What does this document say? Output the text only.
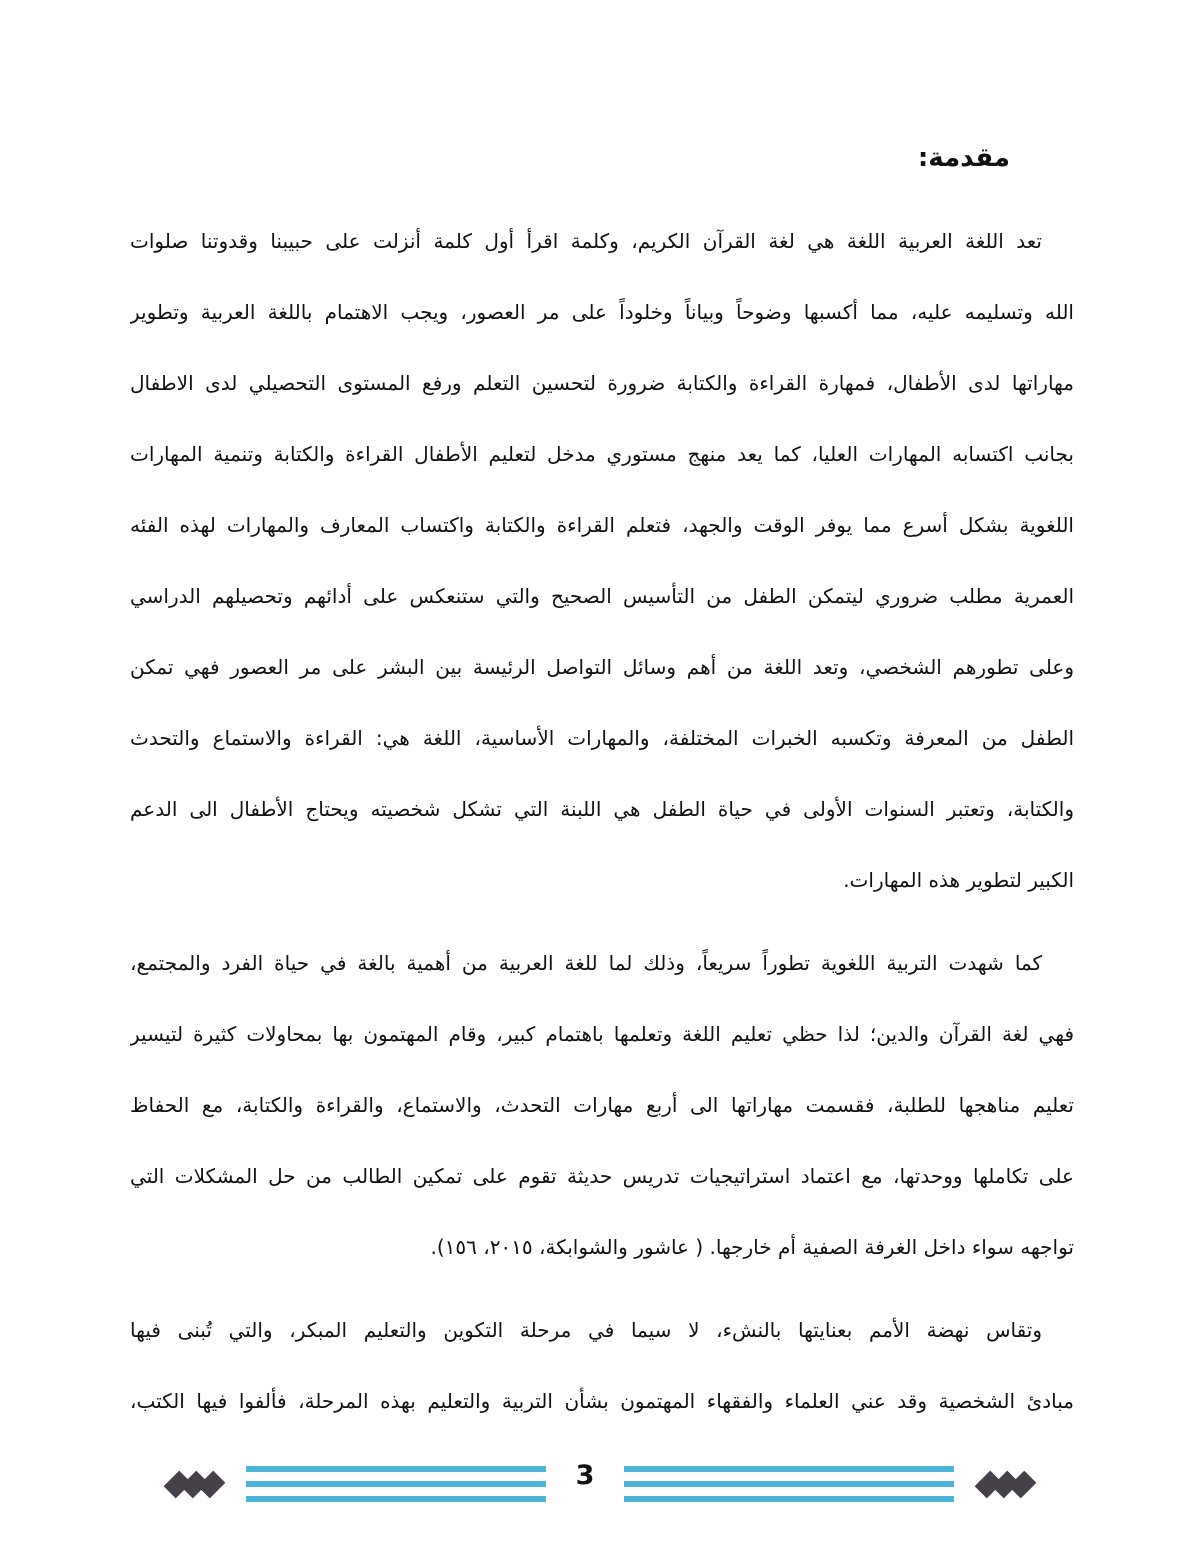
مقدمة:
تعد اللغة العربية اللغة هي لغة القرآن الكريم، وكلمة اقرأ أول كلمة أنزلت على حبيبنا وقدوتنا صلوات
الله وتسليمه عليه، مما أكسبها وضوحاً وبياناً وخلوداً على مر العصور، ويجب الاهتمام باللغة العربية وتطوير
مهاراتها لدى الأطفال، فمهارة القراءة والكتابة ضرورة لتحسين التعلم ورفع المستوى التحصيلي لدى الاطفال
بجانب اكتسابه المهارات العليا، كما يعد منهج مستوري مدخل لتعليم الأطفال القراءة والكتابة وتنمية المهارات
اللغوية بشكل أسرع مما يوفر الوقت والجهد، فتعلم القراءة والكتابة واكتساب المعارف والمهارات لهذه الفئه
العمرية مطلب ضروري ليتمكن الطفل من التأسيس الصحيح والتي ستنعكس على أدائهم وتحصيلهم الدراسي
وعلى تطورهم الشخصي، وتعد اللغة من أهم وسائل التواصل الرئيسة بين البشر على مر العصور فهي تمكن
الطفل من المعرفة وتكسبه الخبرات المختلفة، والمهارات الأساسية، اللغة هي: القراءة والاستماع والتحدث
والكتابة، وتعتبر السنوات الأولى في حياة الطفل هي اللبنة التي تشكل شخصيته ويحتاج الأطفال الى الدعم
الكبير لتطوير هذه المهارات.
كما شهدت التربية اللغوية تطوراً سريعاً، وذلك لما للغة العربية من أهمية بالغة في حياة الفرد والمجتمع،
فهي لغة القرآن والدين؛ لذا حظي تعليم اللغة وتعلمها باهتمام كبير، وقام المهتمون بها بمحاولات كثيرة لتيسير
تعليم مناهجها للطلبة، فقسمت مهاراتها الى أربع مهارات التحدث، والاستماع، والقراءة والكتابة، مع الحفاظ
على تكاملها ووحدتها، مع اعتماد استراتيجيات تدريس حديثة تقوم على تمكين الطالب من حل المشكلات التي
تواجهه سواء داخل الغرفة الصفية أم خارجها. ( عاشور والشوابكة، ٢٠١٥، ١٥٦).
وتقاس نهضة الأمم بعنايتها بالنشء، لا سيما في مرحلة التكوين والتعليم المبكر، والتي تُبنى فيها
مبادئ الشخصية وقد عني العلماء والفقهاء المهتمون بشأن التربية والتعليم بهذه المرحلة، فألفوا فيها الكتب،
3
